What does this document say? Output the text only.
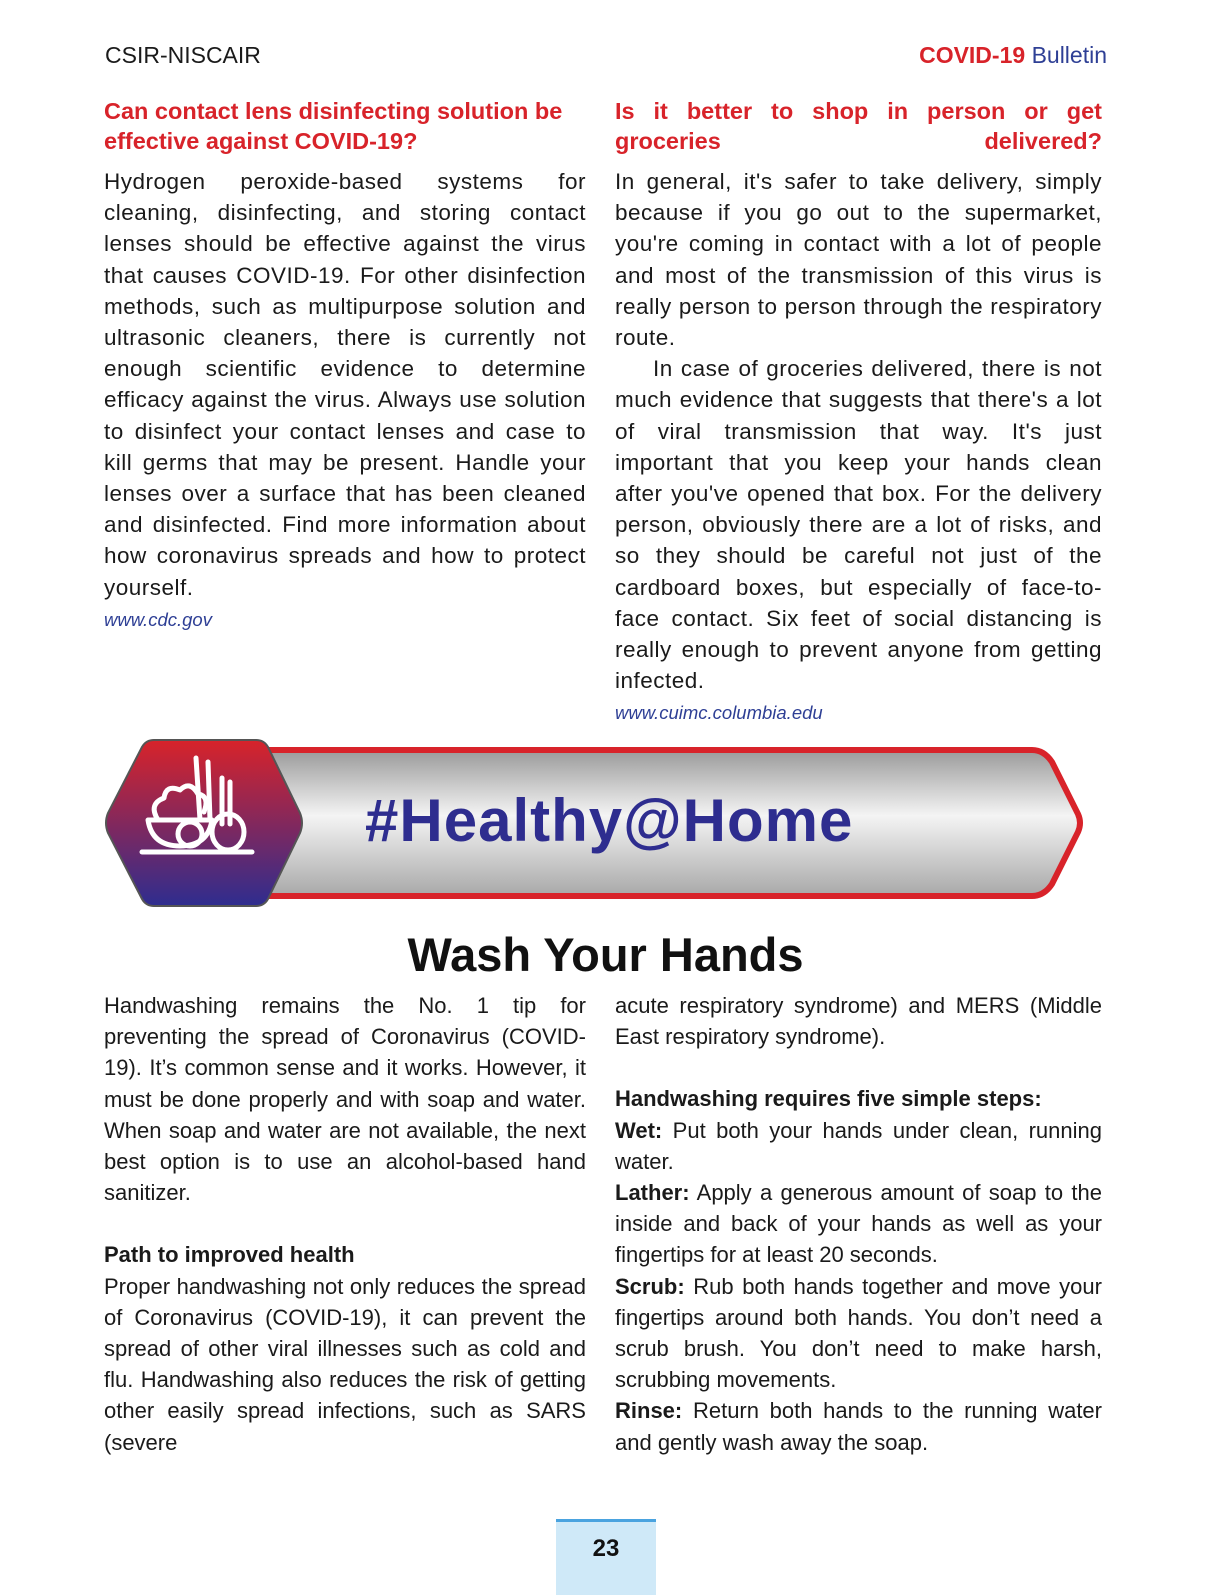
CSIR-NISCAIR	COVID-19 Bulletin
Can contact lens disinfecting solution be effective against COVID-19?

Hydrogen peroxide-based systems for cleaning, disinfecting, and storing contact lenses should be effective against the virus that causes COVID-19. For other disinfection methods, such as multipurpose solution and ultrasonic cleaners, there is currently not enough scientific evidence to determine efficacy against the virus. Always use solution to disinfect your contact lenses and case to kill germs that may be present. Handle your lenses over a surface that has been cleaned and disinfected. Find more information about how coronavirus spreads and how to protect yourself.

www.cdc.gov
Is it better to shop in person or get groceries delivered?

In general, it's safer to take delivery, simply because if you go out to the supermarket, you're coming in contact with a lot of people and most of the transmission of this virus is really person to person through the respiratory route.

In case of groceries delivered, there is not much evidence that suggests that there's a lot of viral transmission that way. It's just important that you keep your hands clean after you've opened that box. For the delivery person, obviously there are a lot of risks, and so they should be careful not just of the cardboard boxes, but especially of face-to-face contact. Six feet of social distancing is really enough to prevent anyone from getting infected.

www.cuimc.columbia.edu
#Healthy@Home
Wash Your Hands

Handwashing remains the No. 1 tip for preventing the spread of Coronavirus (COVID-19). It’s common sense and it works. However, it must be done properly and with soap and water. When soap and water are not available, the next best option is to use an alcohol-based hand sanitizer.

Path to improved health

Proper handwashing not only reduces the spread of Coronavirus (COVID-19), it can prevent the spread of other viral illnesses such as cold and flu. Handwashing also reduces the risk of getting other easily spread infections, such as SARS (severe

acute respiratory syndrome) and MERS (Middle East respiratory syndrome).

Handwashing requires five simple steps:

Wet: Put both your hands under clean, running water.

Lather: Apply a generous amount of soap to the inside and back of your hands as well as your fingertips for at least 20 seconds.

Scrub: Rub both hands together and move your fingertips around both hands. You don’t need a scrub brush. You don’t need to make harsh, scrubbing movements.

Rinse: Return both hands to the running water and gently wash away the soap.

23
